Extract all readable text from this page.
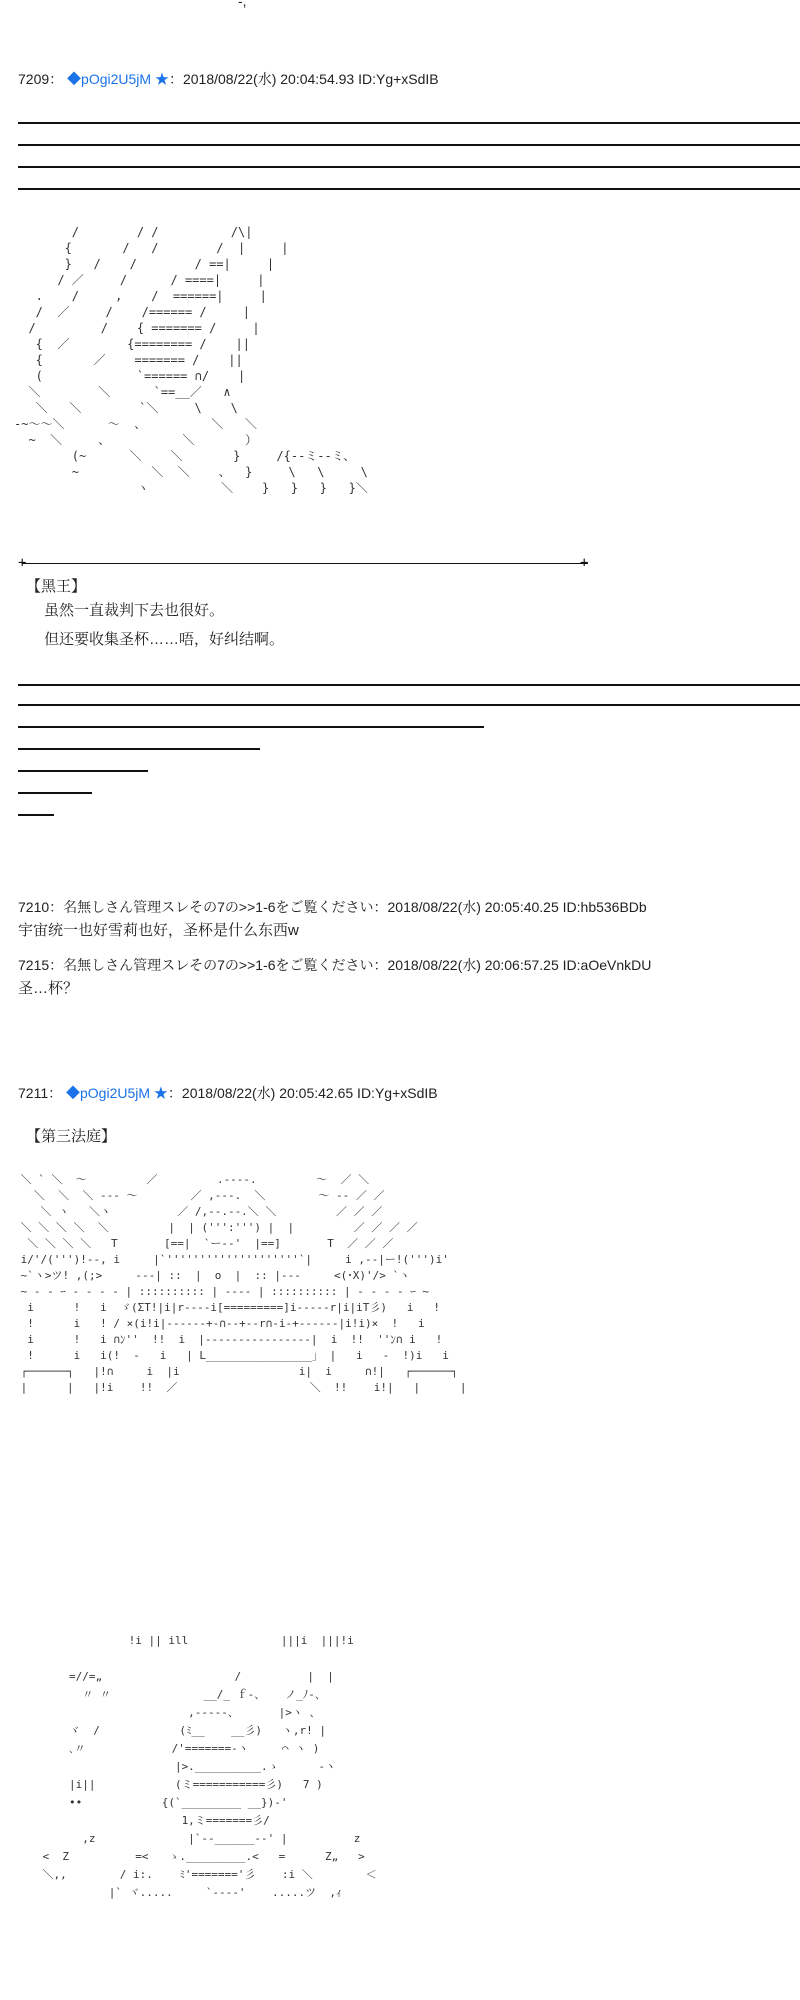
-,
7209： ◆pOgi2U5jM ★：2018/08/22(水) 20:04:54.93 ID:Yg+xSdIB
/        / /          /\|
{       /   /        /  |     |
}   /    /        / ==|     |
/ ／     /      / ====|     |
.    /     ,    /  ======|     |
/  ／     /    /====== /     |
/         /    { ======= /     |
{  ／        {======== /    ||
{       ／    ======= /    ||
(             `====== ∩/    |
＼        ＼      `==__／   ∧
＼   ＼        `＼     \    \
-~～～＼      ～  、         ＼   ＼
~  ＼     、          ＼       ）
(~      ＼    ＼       }     /{--ミ--ミ、
~          ＼  ＼    、  }     \   \     \
ヽ          ＼    }   }   }   }＼
+	+
【黑王】
虽然一直裁判下去也很好。
但还要收集圣杯……唔，好纠结啊。
7210：名無しさん管理スレその7の>>1-6をご覧ください：2018/08/22(水) 20:05:40.25 ID:hb536BDb
宇宙统一也好雪莉也好，圣杯是什么东西w
7215：名無しさん管理スレその7の>>1-6をご覧ください：2018/08/22(水) 20:06:57.25 ID:aOeVnkDU
圣…杯？
7211： ◆pOgi2U5jM ★：2018/08/22(水) 20:05:42.65 ID:Yg+xSdIB
【第三法庭】
＼ ` ＼  ～         ／         .-‐‐-.         ～  ／ ＼
＼  ＼  ＼ -‐‐ ～        ／ ,-‐-.  ＼        ～ ‐‐ ／ ／
＼ ヽ   ＼ヽ          ／ /,‐-.‐-.＼ ＼         ／ ／ ／
＼ ＼ ＼ ＼  ＼         |  | (''':''') |  |         ／ ／ ／ ／
＼ ＼ ＼ ＼   T       [==|  `ー-‐'  |==]       T  ／ ／ ／
i/'/(''')!-‐, i     |`''''''''''''''''''''`|     i ,-‐|ー!(''')i'
~`ヽ>ツ! ,(;>     -‐‐| ::  |  o  |  :: |‐‐-     <(･X)'/> `ヽ
~ - - ｰ - ‐ - - | :::::::::: | ‐‐‐‐ | :::::::::: | - - ‐ - ｰ ~
i      !   i  ゞ(ΣT!|i|r‐‐‐‐i[=========]i‐‐‐‐‐r|i|iT彡)   i   !
!      i   ! / ×(i!i|-‐‐-‐-+-∩--+--r∩-i-+-‐-‐‐-|i!i)×  !   i
i      !   i ∩ﾝ''  !!  i  |‐‐‐‐‐‐‐‐‐‐‐‐‐‐‐‐|  i  !!  ''ﾝ∩ i   !
!      i   i(!  ‐   i   | L________________」 |   i   ‐  !)i   i
┌──────┐   |!∩     i  |i                  i|  i     ∩!|   ┌──────┐
|      |   |!i    !!  ／                    ＼  !!    i!|   |      |
!i || ill              |||i  |||!i

=//=„                    /          |  |
〃 〃              __/_ ｆ-、   ノ_ﾉ-、
,-‐‐‐-、      |>ヽ 、
ヾ  /            (ﾐ__    __彡)   ヽ,r! |
､〃             /'=======‐ヽ     ⌒ ヽ )
|>.__________.ゝ      ‐ヽ
|i||            (ミ===========彡)   7 )
••            {(`_________ __})‐'
1,ミ=======彡/
,z              |`-‐______-‐' |          z
<  Z          =<   ゝ._________.<   =      Z„   >
＼,,        / i:.    ﾐ'======='彡    :i ＼        ＜
|` ヾ.....     `‐‐‐‐'    .....ツ  ,ｨ
